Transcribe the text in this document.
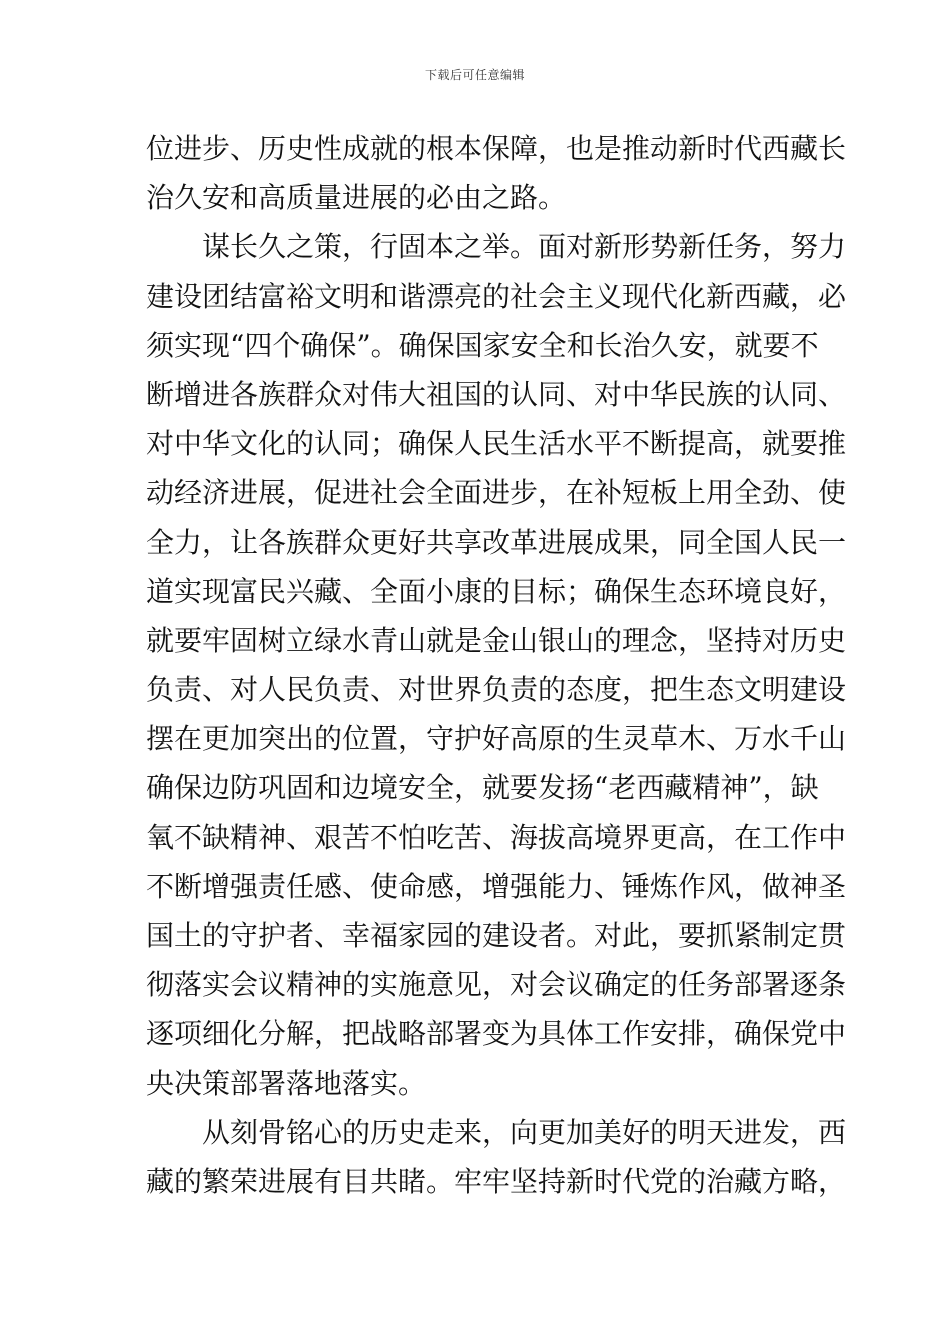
下载后可任意编辑
位进步、历史性成就的根本保障，也是推动新时代西藏长
治久安和高质量进展的必由之路。
谋长久之策，行固本之举。面对新形势新任务，努力
建设团结富裕文明和谐漂亮的社会主义现代化新西藏，必
须实现“四个确保”。确保国家安全和长治久安，就要不
断增进各族群众对伟大祖国的认同、对中华民族的认同、
对中华文化的认同；确保人民生活水平不断提高，就要推
动经济进展，促进社会全面进步，在补短板上用全劲、使
全力，让各族群众更好共享改革进展成果，同全国人民一
道实现富民兴藏、全面小康的目标；确保生态环境良好，
就要牢固树立绿水青山就是金山银山的理念，坚持对历史
负责、对人民负责、对世界负责的态度，把生态文明建设
摆在更加突出的位置，守护好高原的生灵草木、万水千山
确保边防巩固和边境安全，就要发扬“老西藏精神”，缺
氧不缺精神、艰苦不怕吃苦、海拔高境界更高，在工作中
不断增强责任感、使命感，增强能力、锤炼作风，做神圣
国土的守护者、幸福家园的建设者。对此，要抓紧制定贯
彻落实会议精神的实施意见，对会议确定的任务部署逐条
逐项细化分解，把战略部署变为具体工作安排，确保党中
央决策部署落地落实。
从刻骨铭心的历史走来，向更加美好的明天进发，西
藏的繁荣进展有目共睹。牢牢坚持新时代党的治藏方略，
